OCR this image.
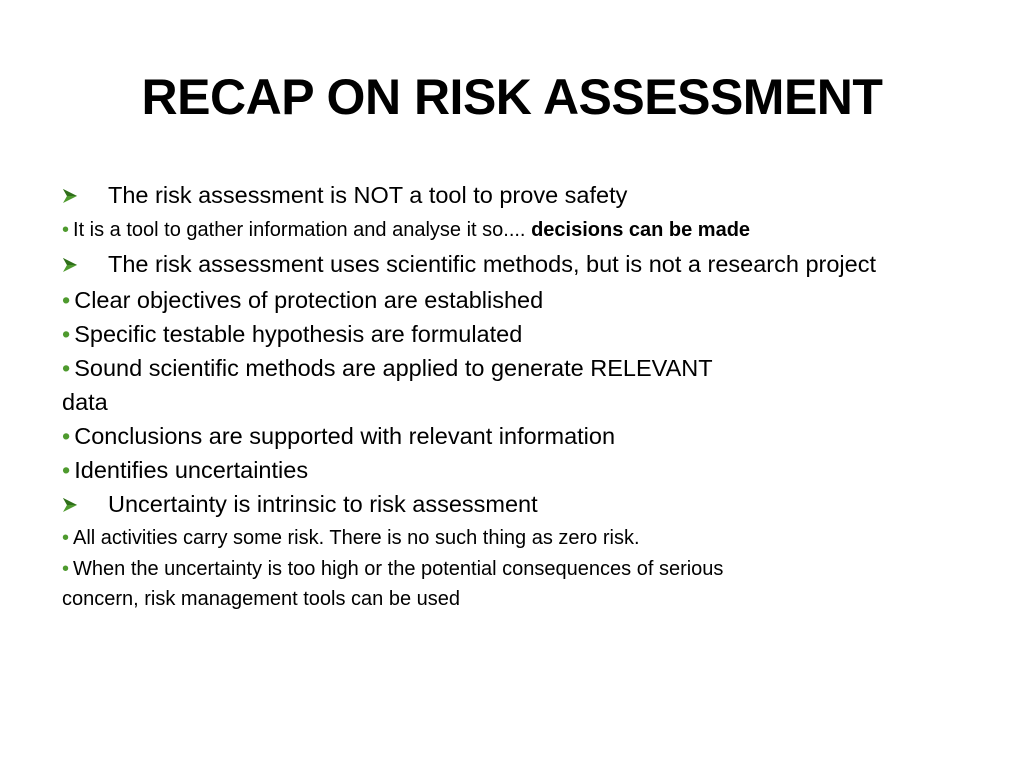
RECAP ON RISK ASSESSMENT
The risk assessment is NOT a tool to prove safety
• It is a tool to gather information and analyse it so.... decisions can be made
The risk assessment uses scientific methods, but is not a research project
• Clear objectives of protection are established
• Specific testable hypothesis are formulated
• Sound scientific methods are applied to generate RELEVANT
data
• Conclusions are supported with relevant information
• Identifies uncertainties
Uncertainty is intrinsic to risk assessment
• All activities carry some risk. There is no such thing as zero risk.
• When the uncertainty is too high or the potential consequences of serious
concern, risk management tools can be used
